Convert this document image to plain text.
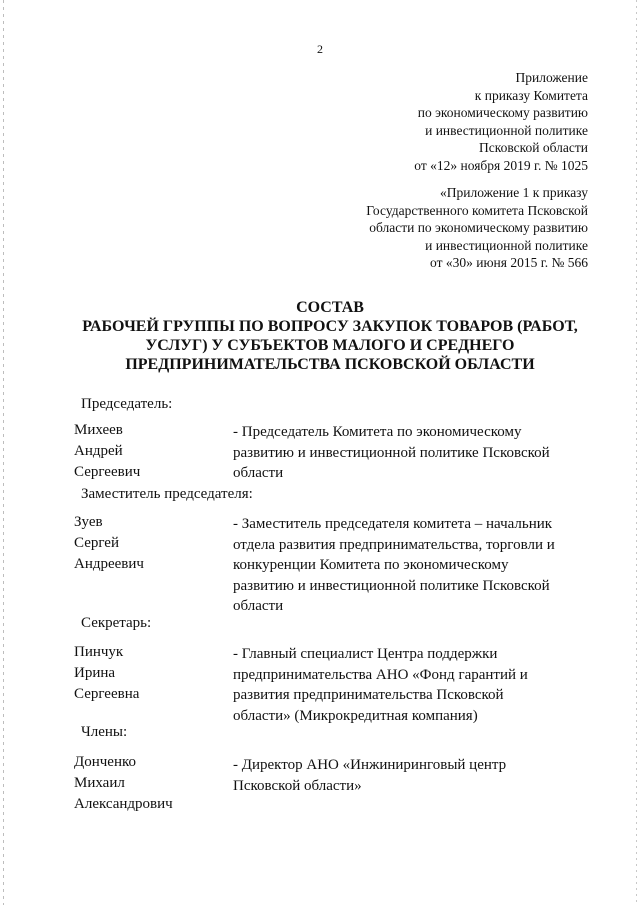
2
Приложение
к приказу Комитета
по экономическому развитию
и инвестиционной политике
Псковской области
от «12» ноября 2019 г. № 1025
«Приложение 1 к приказу
Государственного комитета Псковской
области по экономическому развитию
и инвестиционной политике
от «30» июня 2015 г. № 566
СОСТАВ
РАБОЧЕЙ ГРУППЫ ПО ВОПРОСУ ЗАКУПОК ТОВАРОВ (РАБОТ,
УСЛУГ) У СУБЪЕКТОВ МАЛОГО И СРЕДНЕГО
ПРЕДПРИНИМАТЕЛЬСТВА ПСКОВСКОЙ ОБЛАСТИ
Председатель:
Михеев
Андрей
Сергеевич
- Председатель Комитета по экономическому
развитию и инвестиционной политике Псковской
области
Заместитель председателя:
Зуев
Сергей
Андреевич
- Заместитель председателя комитета – начальник
отдела развития предпринимательства, торговли и
конкуренции Комитета по экономическому
развитию и инвестиционной политике Псковской
области
Секретарь:
Пинчук
Ирина
Сергеевна
- Главный специалист Центра поддержки
предпринимательства АНО «Фонд гарантий и
развития предпринимательства Псковской
области» (Микрокредитная компания)
Члены:
Донченко
Михаил
Александрович
- Директор АНО «Инжиниринговый центр
Псковской области»
